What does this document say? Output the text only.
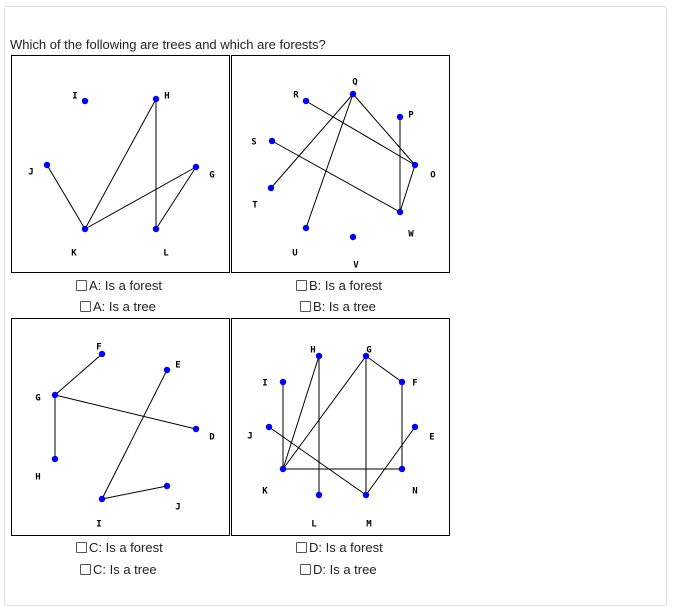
Which of the following are trees and which are forests?
I	H
J	G
K	L
R
Q
P
S
O
T
W
U
V
F
E
G
D
H
J
I
H	G
I	F
J	E
K	N
L	M
A: Is a forest
A: Is a tree
B: Is a forest
B: Is a tree
C: Is a forest
C: Is a tree
D: Is a forest
D: Is a tree
